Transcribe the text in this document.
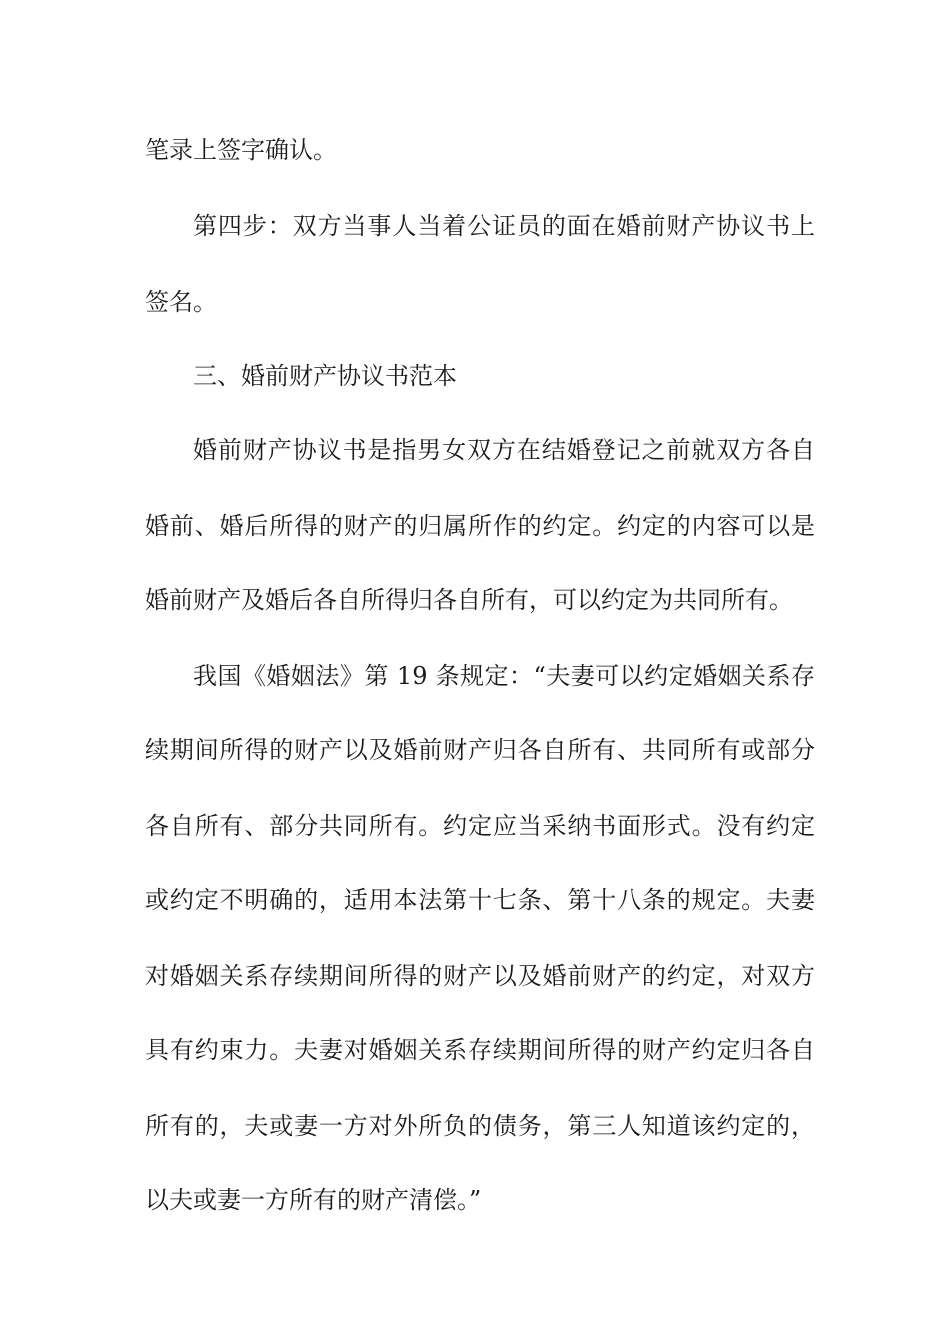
笔录上签字确认。
第四步：双方当事人当着公证员的面在婚前财产协议书上
签名。
三、婚前财产协议书范本
婚前财产协议书是指男女双方在结婚登记之前就双方各自
婚前、婚后所得的财产的归属所作的约定。约定的内容可以是
婚前财产及婚后各自所得归各自所有，可以约定为共同所有。
我国《婚姻法》第 19 条规定：“夫妻可以约定婚姻关系存
续期间所得的财产以及婚前财产归各自所有、共同所有或部分
各自所有、部分共同所有。约定应当采纳书面形式。没有约定
或约定不明确的，适用本法第十七条、第十八条的规定。夫妻
对婚姻关系存续期间所得的财产以及婚前财产的约定，对双方
具有约束力。夫妻对婚姻关系存续期间所得的财产约定归各自
所有的，夫或妻一方对外所负的债务，第三人知道该约定的，
以夫或妻一方所有的财产清偿。”
